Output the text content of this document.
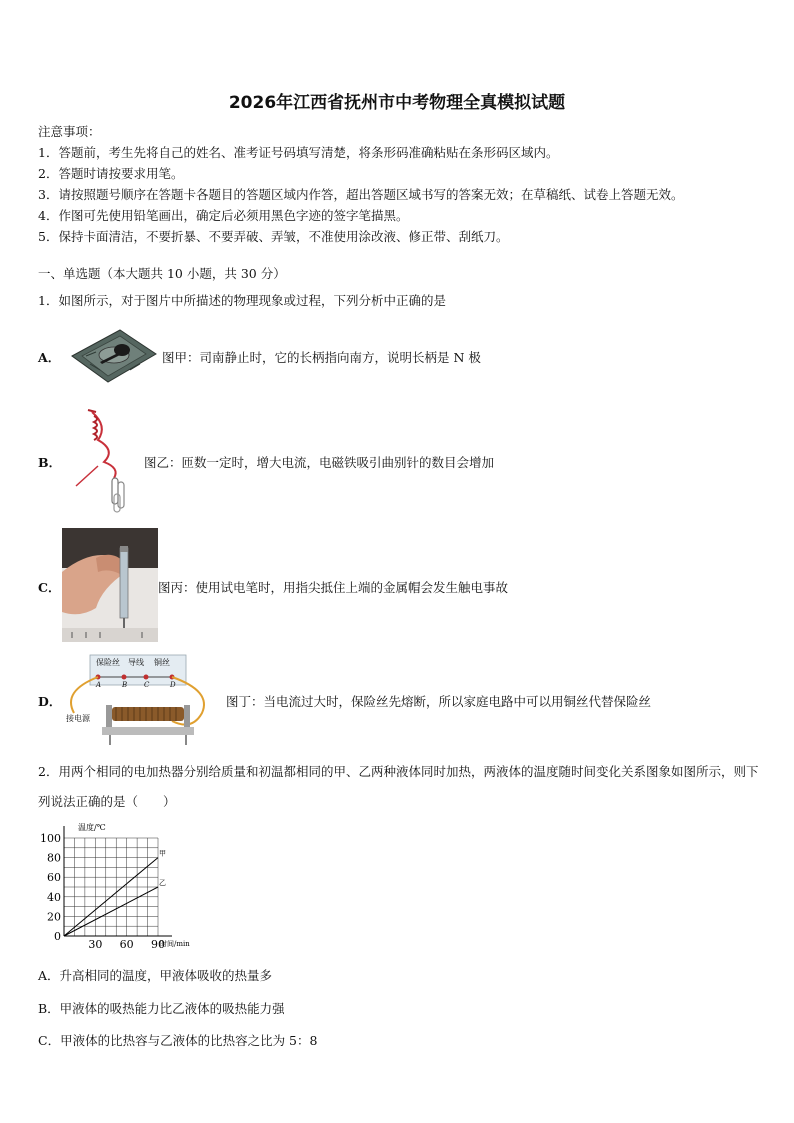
2026年江西省抚州市中考物理全真模拟试题
注意事项：
1．答题前，考生先将自己的姓名、准考证号码填写清楚，将条形码准确粘贴在条形码区域内。
2．答题时请按要求用笔。
3．请按照题号顺序在答题卡各题目的答题区域内作答，超出答题区域书写的答案无效；在草稿纸、试卷上答题无效。
4．作图可先使用铅笔画出，确定后必须用黑色字迹的签字笔描黑。
5．保持卡面清洁，不要折暴、不要弄破、弄皱，不准使用涂改液、修正带、刮纸刀。
一、单选题（本大题共 10 小题，共 30 分）
1．如图所示，对于图片中所描述的物理现象或过程，下列分析中正确的是
A．	图甲：司南静止时，它的长柄指向南方，说明长柄是 N 极
B．	图乙：匝数一定时，增大电流，电磁铁吸引曲别针的数目会增加
C．	图丙：使用试电笔时，用指尖抵住上端的金属帽会发生触电事故
D．
保险丝 导线 铜丝
A	B C	D
接电源
图丁：当电流过大时，保险丝先熔断，所以家庭电路中可以用铜丝代替保险丝
2．用两个相同的电加热器分别给质量和初温都相同的甲、乙两种液体同时加热，两液体的温度随时间变化关系图象如图所示，则下列说法正确的是（　　）
0
20
40
60
80
100
30 60 90
温度/℃
时间/min
甲
乙
A．升高相同的温度，甲液体吸收的热量多
B．甲液体的吸热能力比乙液体的吸热能力强
C．甲液体的比热容与乙液体的比热容之比为 5：8
